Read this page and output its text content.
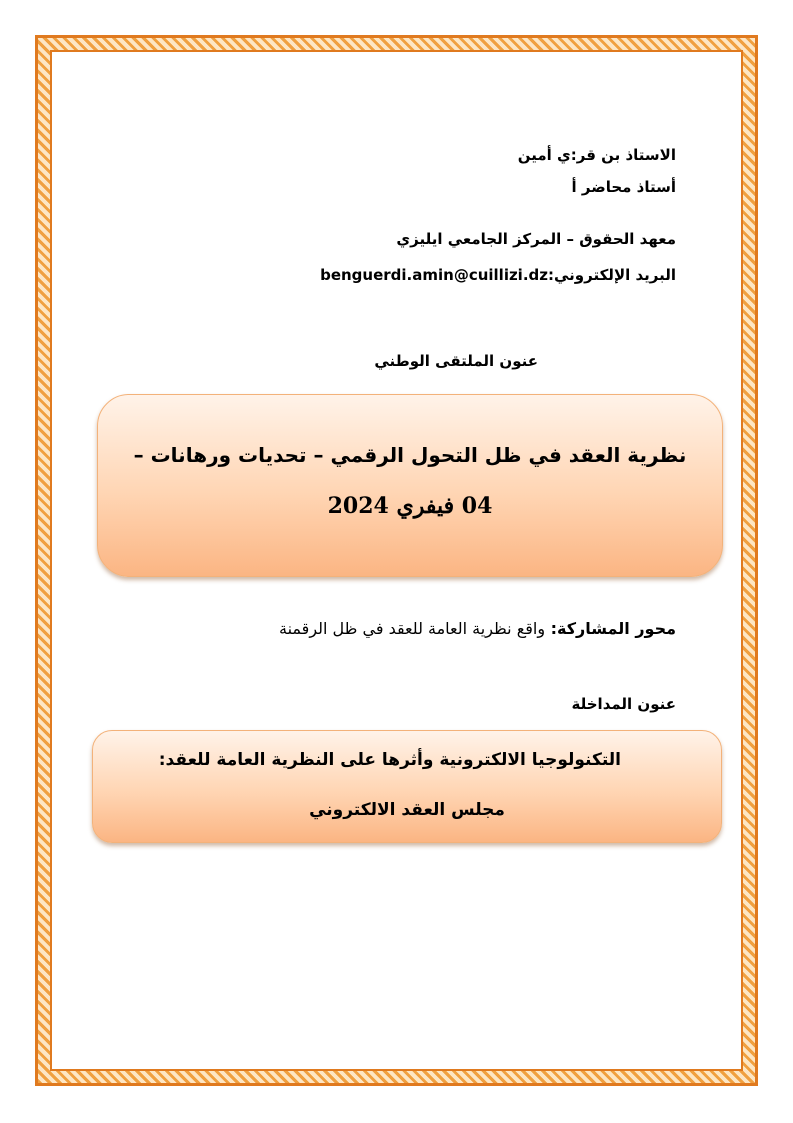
الاستاذ بن قر:ي أمين
أستاذ محاضر أ
معهد الحقوق – المركز الجامعي ايليزي
البريد الإلكتروني:benguerdi.amin@cuillizi.dz
عنو‌ن الملتقى الوطني
نظرية العقد في ظل التحول الرقمي – تحديات ورهانات –
04 فيفري 2024
محور المشاركة: واقع نظرية العامة للعقد في ظل الرقمنة
عنو‌ن المداخلة
التكنولوجيا الالكترونية وأثرها على النظرية العامة للعقد:
مجلس العقد الالكتروني
